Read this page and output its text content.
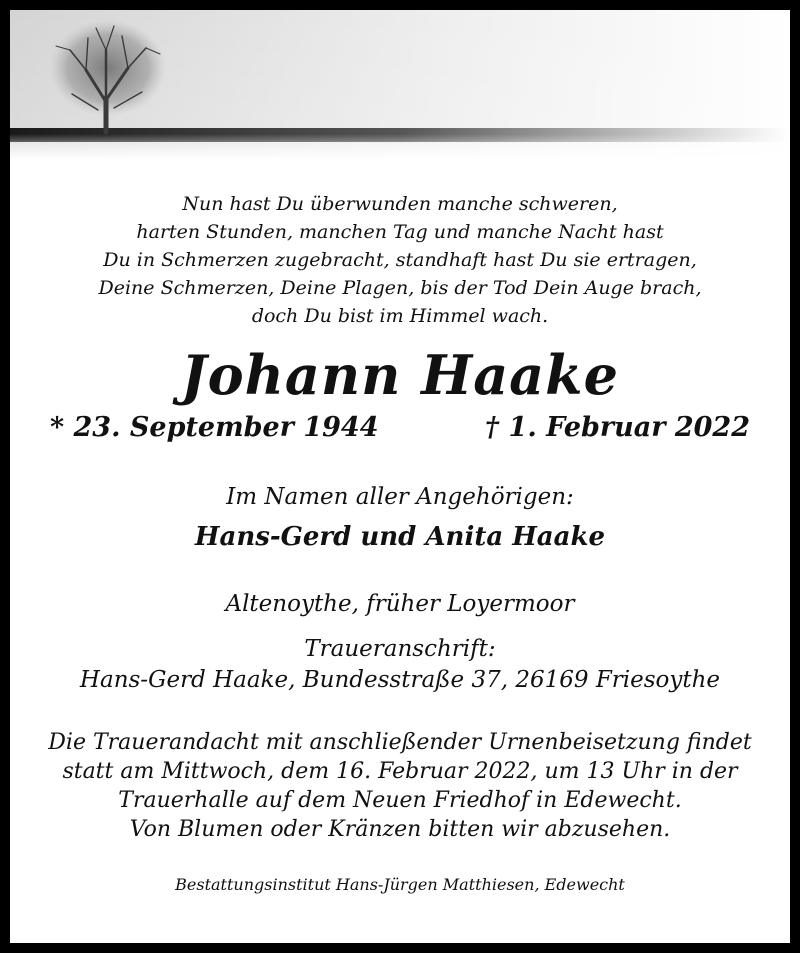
Nun hast Du überwunden manche schweren,
harten Stunden, manchen Tag und manche Nacht hast
Du in Schmerzen zugebracht, standhaft hast Du sie ertragen,
Deine Schmerzen, Deine Plagen, bis der Tod Dein Auge brach,
doch Du bist im Himmel wach.
Johann Haake
* 23. September 1944	† 1. Februar 2022
Im Namen aller Angehörigen:
Hans-Gerd und Anita Haake
Altenoythe, früher Loyermoor
Traueranschrift:
Hans-Gerd Haake, Bundesstraße 37, 26169 Friesoythe
Die Trauerandacht mit anschließender Urnenbeisetzung findet
statt am Mittwoch, dem 16. Februar 2022, um 13 Uhr in der
Trauerhalle auf dem Neuen Friedhof in Edewecht.
Von Blumen oder Kränzen bitten wir abzusehen.
Bestattungsinstitut Hans-Jürgen Matthiesen, Edewecht
